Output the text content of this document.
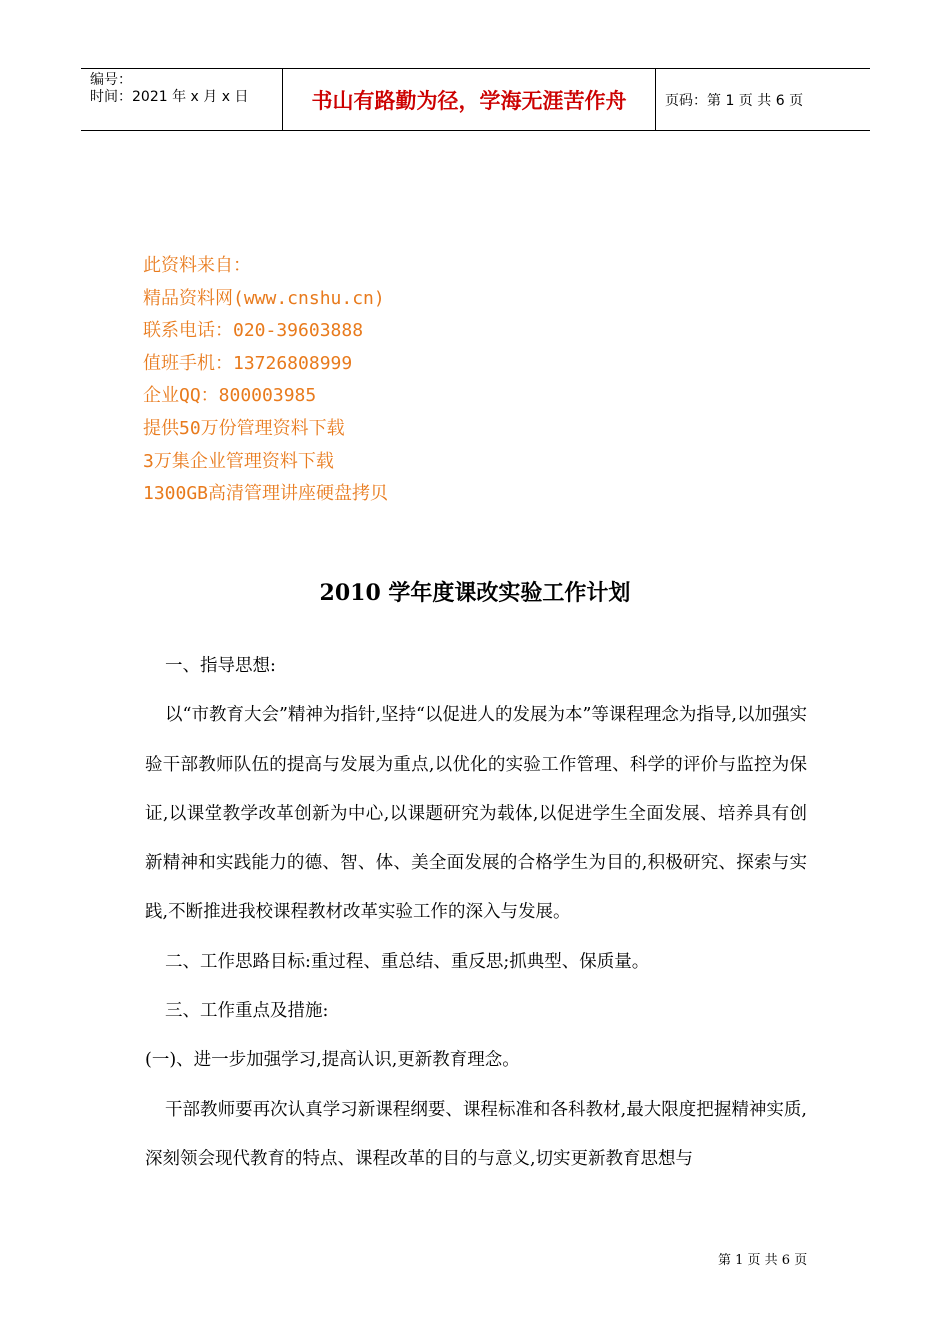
编号：
时间：2021 年 x 月 x 日	书山有路勤为径，学海无涯苦作舟	页码：第 1 页 共 6 页
此资料来自：
精品资料网(www.cnshu.cn)
联系电话：020-39603888
值班手机：13726808999
企业QQ：800003985
提供50万份管理资料下载
3万集企业管理资料下载
1300GB高清管理讲座硬盘拷贝
2010 学年度课改实验工作计划

一、指导思想:

以“市教育大会”精神为指针,坚持“以促进人的发展为本”等课程理念为指导,以加强实验干部教师队伍的提高与发展为重点,以优化的实验工作管理、科学的评价与监控为保证,以课堂教学改革创新为中心,以课题研究为载体,以促进学生全面发展、培养具有创新精神和实践能力的德、智、体、美全面发展的合格学生为目的,积极研究、探索与实践,不断推进我校课程教材改革实验工作的深入与发展。

二、工作思路目标:重过程、重总结、重反思;抓典型、保质量。

三、工作重点及措施:

(一)、进一步加强学习,提高认识,更新教育理念。

干部教师要再次认真学习新课程纲要、课程标准和各科教材,最大限度把握精神实质,深刻领会现代教育的特点、课程改革的目的与意义,切实更新教育思想与

第 1 页 共 6 页
